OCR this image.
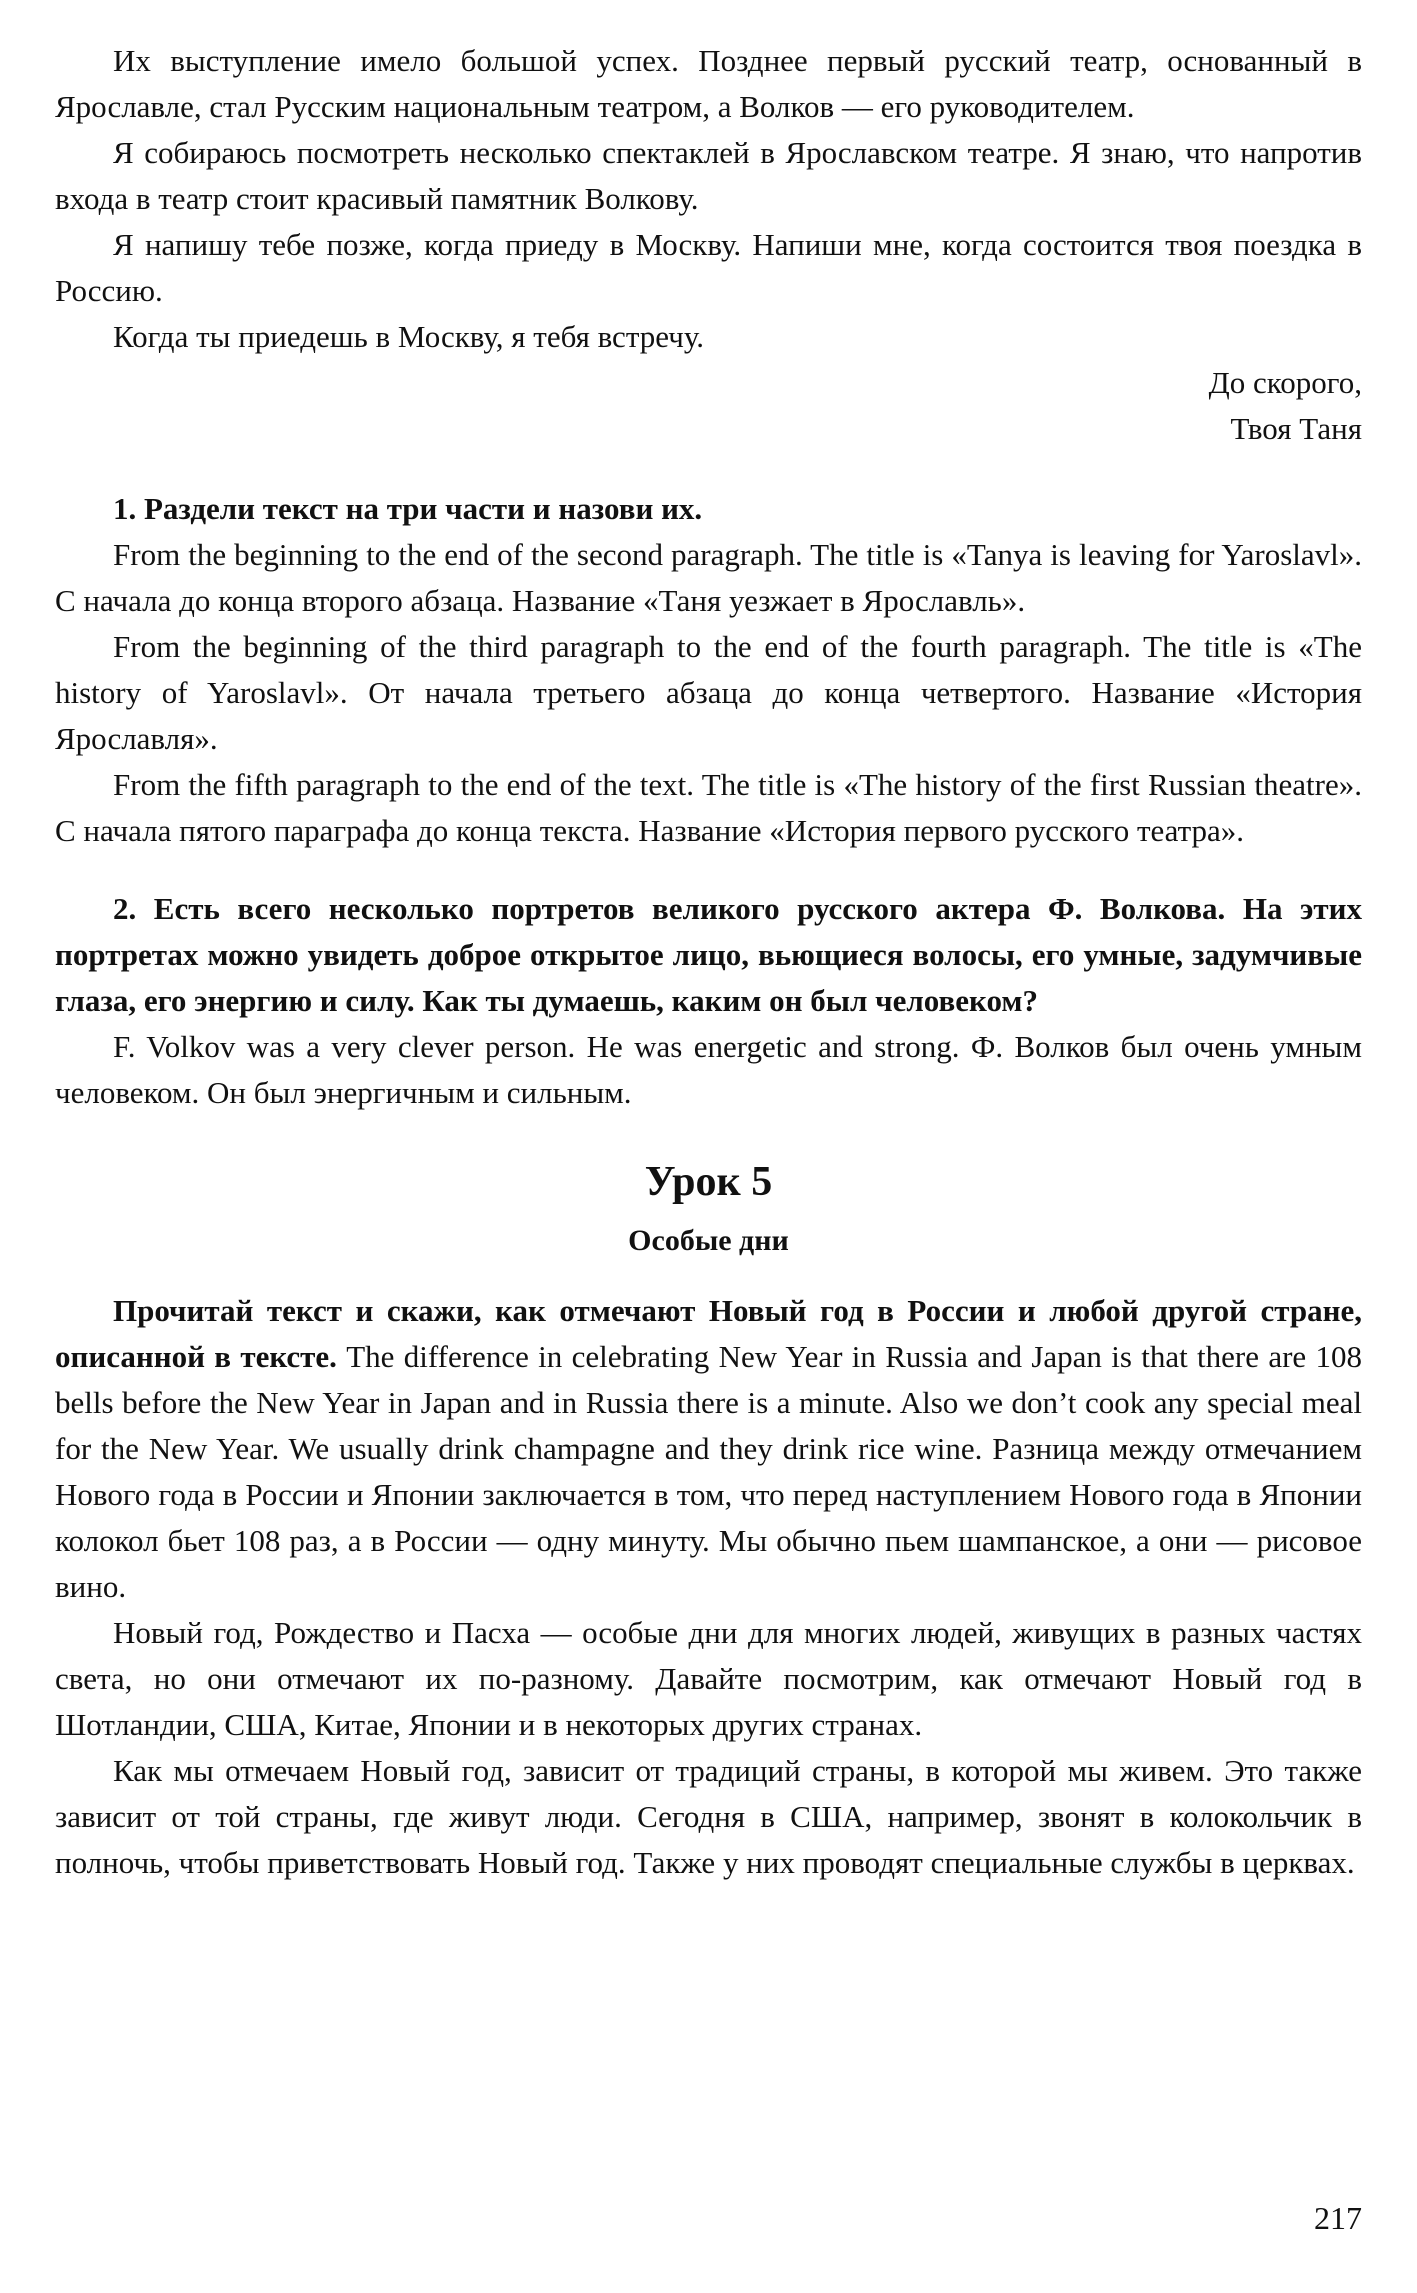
Их выступление имело большой успех. Позднее первый русский театр, основанный в Ярославле, стал Русским национальным театром, а Волков — его руководителем.

Я собираюсь посмотреть несколько спектаклей в Ярославском театре. Я знаю, что напротив входа в театр стоит красивый памятник Волкову.

Я напишу тебе позже, когда приеду в Москву. Напиши мне, когда состоится твоя поездка в Россию.

Когда ты приедешь в Москву, я тебя встречу.

До скорого,

Твоя Таня

1. Раздели текст на три части и назови их.

From the beginning to the end of the second paragraph. The title is «Tanya is leaving for Yaroslavl». С начала до конца второго абзаца. Название «Таня уезжает в Ярославль».

From the beginning of the third paragraph to the end of the fourth paragraph. The title is «The history of Yaroslavl». От начала третьего абзаца до конца четвертого. Название «История Ярославля».

From the fifth paragraph to the end of the text. The title is «The history of the first Russian theatre». С начала пятого параграфа до конца текста. Название «История первого русского театра».

2. Есть всего несколько портретов великого русского актера Ф. Волкова. На этих портретах можно увидеть доброе открытое лицо, вьющиеся волосы, его умные, задумчивые глаза, его энергию и силу. Как ты думаешь, каким он был человеком?

F. Volkov was a very clever person. He was energetic and strong. Ф. Волков был очень умным человеком. Он был энергичным и сильным.

Урок 5

Особые дни

Прочитай текст и скажи, как отмечают Новый год в России и любой другой стране, описанной в тексте. The difference in celebrating New Year in Russia and Japan is that there are 108 bells before the New Year in Japan and in Russia there is a minute. Also we don’t cook any special meal for the New Year. We usually drink champagne and they drink rice wine. Разница между отмечанием Нового года в России и Японии заключается в том, что перед наступлением Нового года в Японии колокол бьет 108 раз, а в России — одну минуту. Мы обычно пьем шампанское, а они — рисовое вино.

Новый год, Рождество и Пасха — особые дни для многих людей, живущих в разных частях света, но они отмечают их по-разному. Давайте посмотрим, как отмечают Новый год в Шотландии, США, Китае, Японии и в некоторых других странах.

Как мы отмечаем Новый год, зависит от традиций страны, в которой мы живем. Это также зависит от той страны, где живут люди. Сегодня в США, например, звонят в колокольчик в полночь, чтобы приветствовать Новый год. Также у них проводят специальные службы в церквах.

217
